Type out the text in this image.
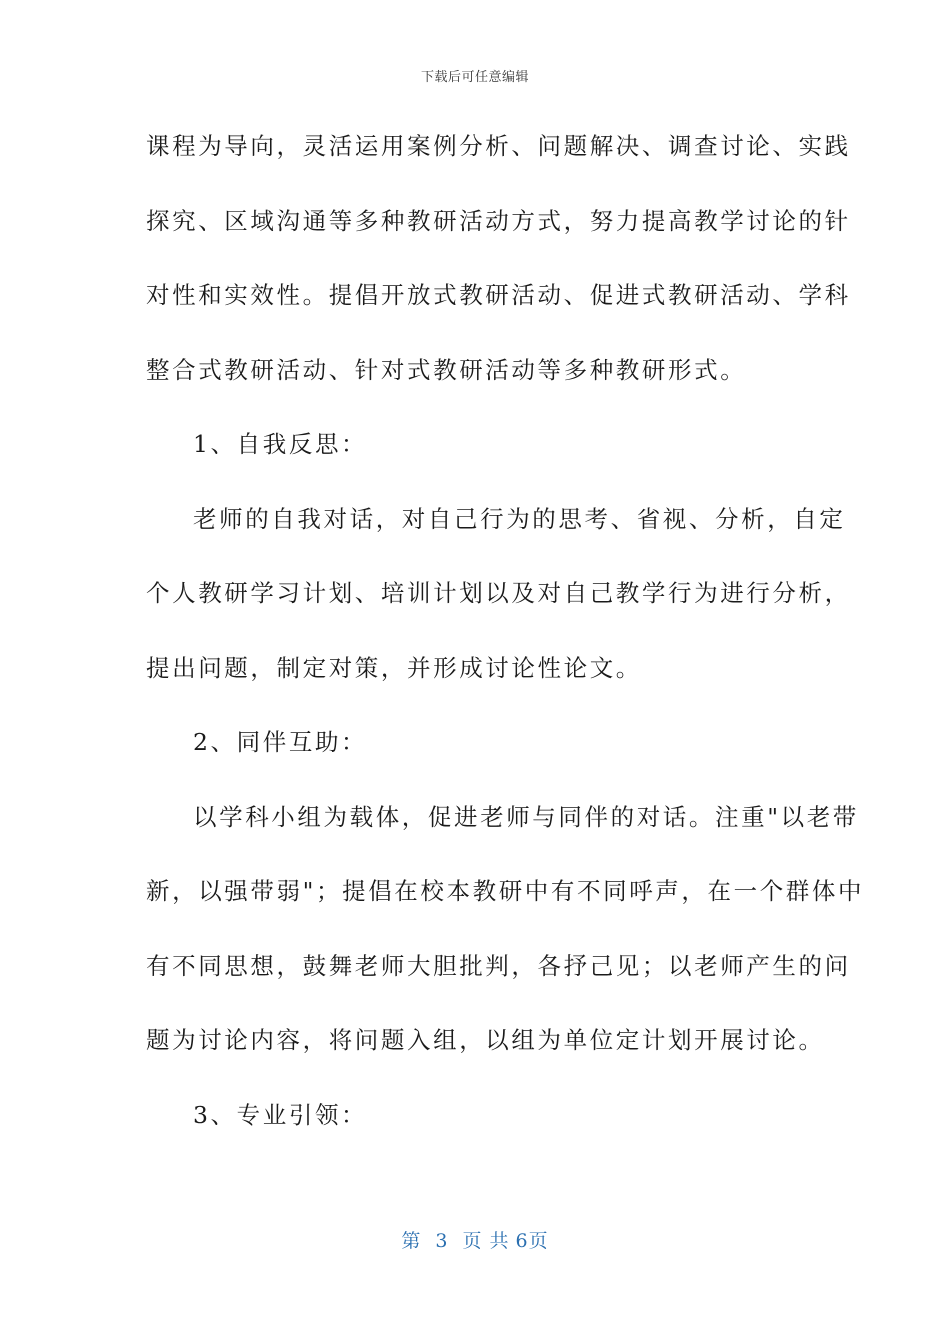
下载后可任意编辑
课程为导向，灵活运用案例分析、问题解决、调查讨论、实践
探究、区域沟通等多种教研活动方式，努力提高教学讨论的针
对性和实效性。提倡开放式教研活动、促进式教研活动、学科
整合式教研活动、针对式教研活动等多种教研形式。
1、自我反思：
老师的自我对话，对自己行为的思考、省视、分析，自定
个人教研学习计划、培训计划以及对自己教学行为进行分析，
提出问题，制定对策，并形成讨论性论文。
2、同伴互助：
以学科小组为载体，促进老师与同伴的对话。注重"以老带
新，以强带弱"；提倡在校本教研中有不同呼声，在一个群体中
有不同思想，鼓舞老师大胆批判，各抒己见；以老师产生的问
题为讨论内容，将问题入组，以组为单位定计划开展讨论。
3、专业引领：
第 3 页 共 6页
